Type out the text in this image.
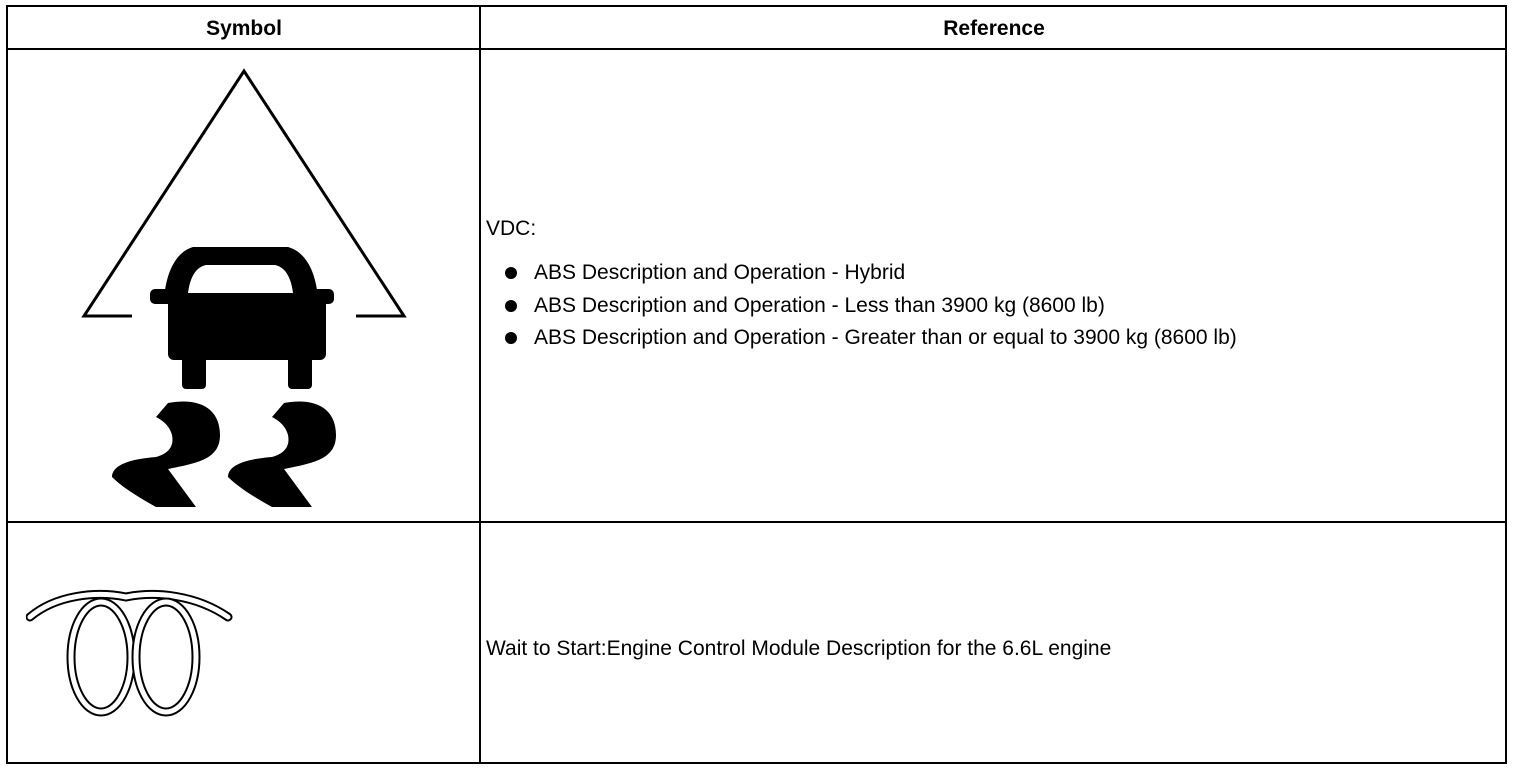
Symbol	Reference
VDC:
ABS Description and Operation - Hybrid
ABS Description and Operation - Less than 3900 kg (8600 lb)
ABS Description and Operation - Greater than or equal to 3900 kg (8600 lb)
Wait to Start:Engine Control Module Description for the 6.6L engine
